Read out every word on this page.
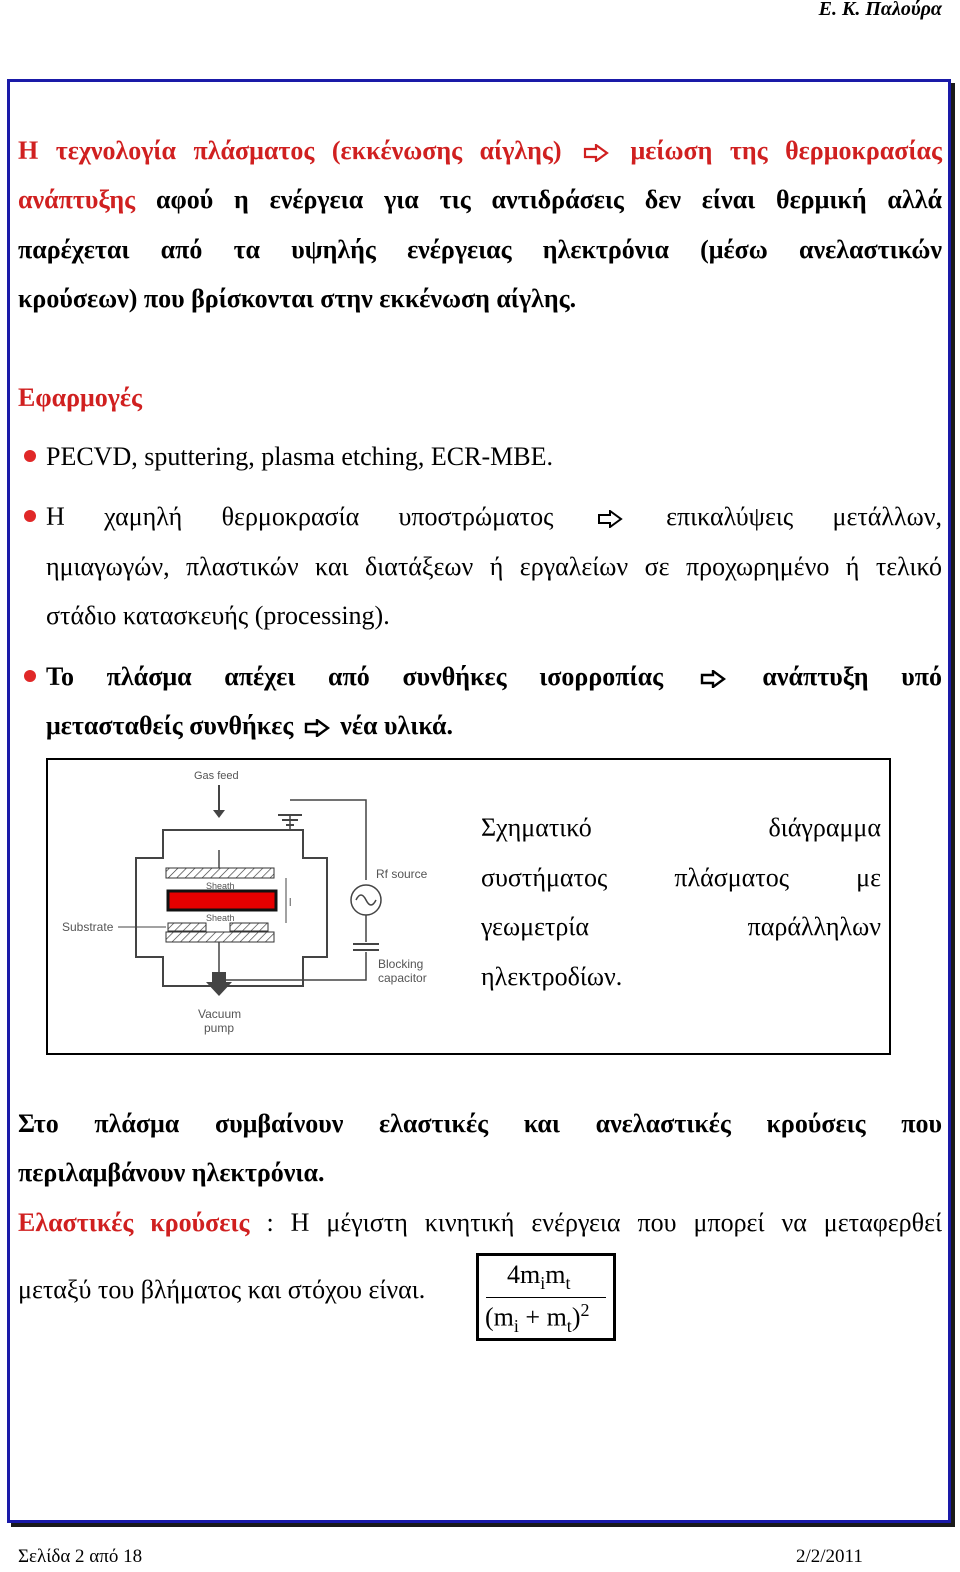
Ε. Κ. Παλούρα
Η τεχνολογία πλάσματος (εκκένωσης αίγλης)	μείωση της θερμοκρασίας
ανάπτυξης αφού η ενέργεια για τις αντιδράσεις δεν είναι θερμική αλλά
παρέχεται από τα υψηλής ενέργειας ηλεκτρόνια (μέσω ανελαστικών
κρούσεων) που βρίσκονται στην εκκένωση αίγλης.
Εφαρμογές
PECVD, sputtering, plasma etching, ECR-MBE.
Η χαμηλή θερμοκρασία υποστρώματος	επικαλύψεις μετάλλων,
ημιαγωγών, πλαστικών και διατάξεων ή εργαλείων σε προχωρημένο ή τελικό
στάδιο κατασκευής (processing).
Το πλάσμα απέχει από συνθήκες ισορροπίας	ανάπτυξη υπό
μετασταθείς συνθήκες νέα υλικά.
Gas feed
Sheath
Sheath
l
Substrate
Rf source
Blocking
capacitor
Vacuum
pump
Σχηματικό	διάγραμμα
συστήματος	πλάσματος	με
γεωμετρία	παράλληλων
ηλεκτροδίων.
Στο πλάσμα συμβαίνουν ελαστικές και ανελαστικές κρούσεις που
περιλαμβάνουν ηλεκτρόνια.
Ελαστικές κρούσεις : Η μέγιστη κινητική ενέργεια που μπορεί να μεταφερθεί
μεταξύ του βλήματος και στόχου είναι.
$4m_im_t$
$(m_i + m_t)^2$
Σελίδα 2 από 18	2/2/2011
